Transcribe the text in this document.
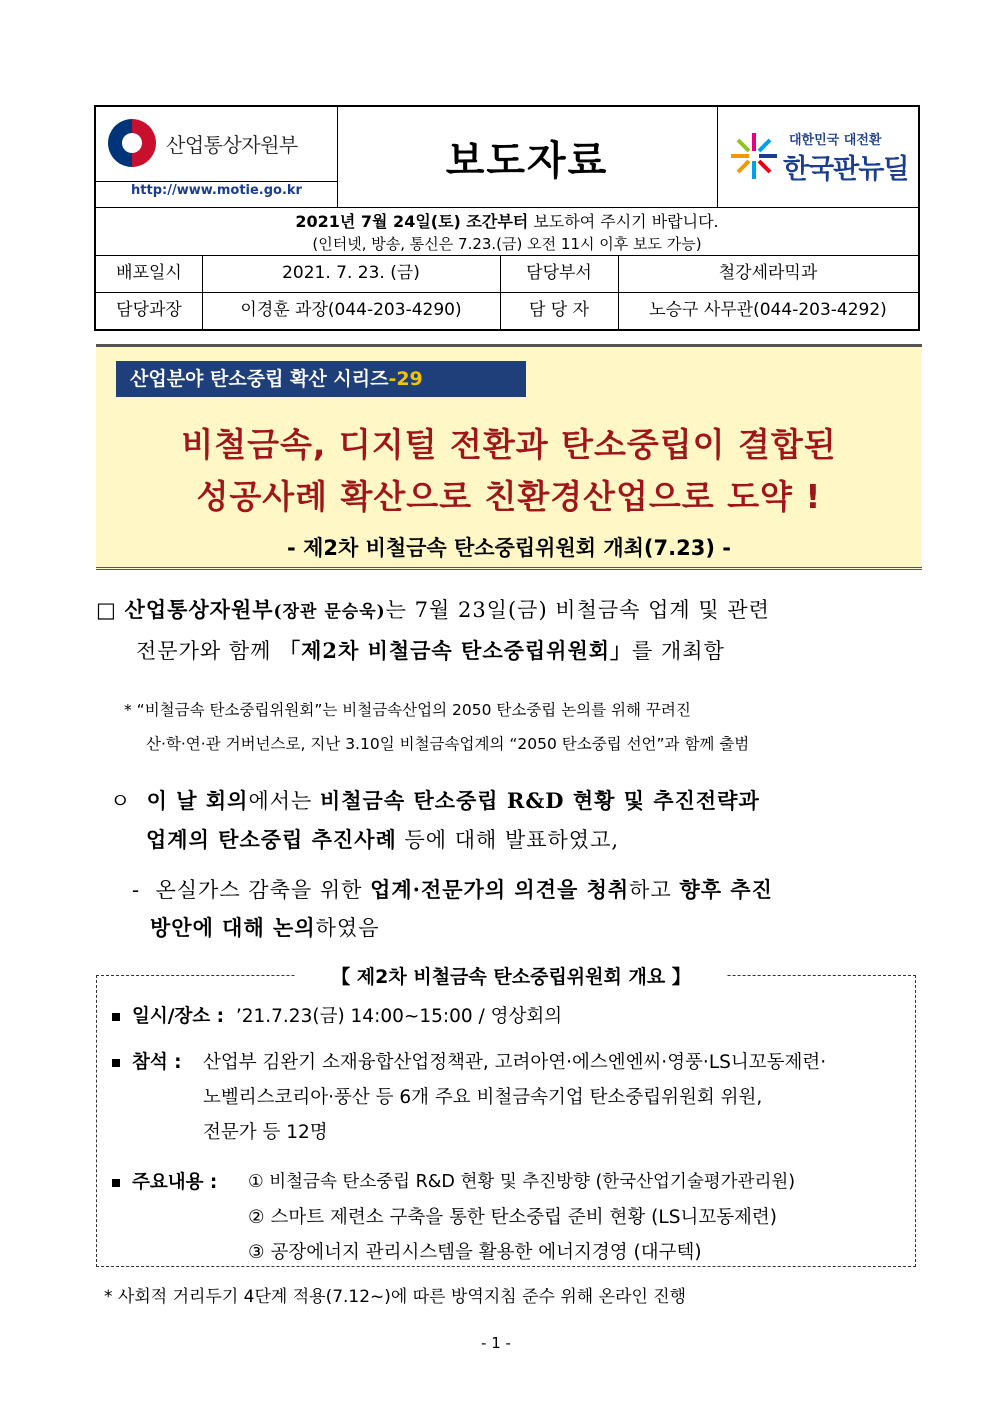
산업통상자원부
http://www.motie.go.kr
보도자료	대한민국 대전환
한국판뉴딜
2021년 7월 24일(토) 조간부터 보도하여 주시기 바랍니다.
(인터넷, 방송, 통신은 7.23.(금) 오전 11시 이후 보도 가능)
배포일시	2021. 7. 23. (금)	담당부서	철강세라믹과
담당과장	이경훈 과장(044-203-4290)	담 당 자	노승구 사무관(044-203-4292)
산업분야 탄소중립 확산 시리즈-29
비철금속, 디지털 전환과 탄소중립이 결합된
성공사례 확산으로 친환경산업으로 도약 !
- 제2차 비철금속 탄소중립위원회 개최(7.23) -
□ 산업통상자원부(장관 문승욱)는 7월 23일(금) 비철금속 업계 및 관련
전문가와 함께 「제2차 비철금속 탄소중립위원회」를 개최함
* “비철금속 탄소중립위원회”는 비철금속산업의 2050 탄소중립 논의를 위해 꾸려진
산·학·연·관 거버넌스로, 지난 3.10일 비철금속업계의 “2050 탄소중립 선언”과 함께 출범
ㅇ 이 날 회의에서는 비철금속 탄소중립 R&D 현황 및 추진전략과
업계의 탄소중립 추진사례 등에 대해 발표하였고,
- 온실가스 감축을 위한 업계·전문가의 의견을 청취하고 향후 추진
방안에 대해 논의하였음
【 제2차 비철금속 탄소중립위원회 개요 】
일시/장소 : ’21.7.23(금) 14:00~15:00 / 영상회의
참석 : 산업부 김완기 소재융합산업정책관, 고려아연·에스엔엔씨·영풍·LS니꼬동제련·
노벨리스코리아·풍산 등 6개 주요 비철금속기업 탄소중립위원회 위원,
전문가 등 12명
주요내용 : ① 비철금속 탄소중립 R&D 현황 및 추진방향 (한국산업기술평가관리원)
② 스마트 제련소 구축을 통한 탄소중립 준비 현황 (LS니꼬동제련)
③ 공장에너지 관리시스템을 활용한 에너지경영 (대구텍)
* 사회적 거리두기 4단계 적용(7.12~)에 따른 방역지침 준수 위해 온라인 진행
- 1 -
